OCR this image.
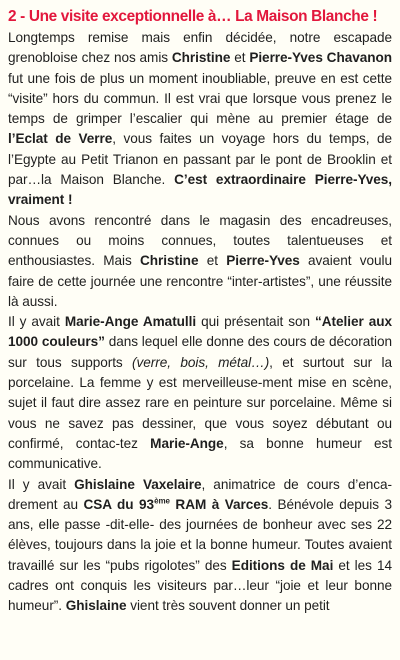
2 - Une visite exceptionnelle à… La Maison Blanche !

Longtemps remise mais enfin décidée, notre escapade grenobloise chez nos amis Christine et Pierre-Yves Chavanon fut une fois de plus un moment inoubliable, preuve en est cette “visite” hors du commun. Il est vrai que lorsque vous prenez le temps de grimper l’escalier qui mène au premier étage de l’Eclat de Verre, vous faites un voyage hors du temps, de l’Egypte au Petit Trianon en passant par le pont de Brooklin et par…la Maison Blanche. C’est extraordinaire Pierre-Yves, vraiment !

Nous avons rencontré dans le magasin des encadreuses, connues ou moins connues, toutes talentueuses et enthousiastes. Mais Christine et Pierre-Yves avaient voulu faire de cette journée une rencontre “inter-artistes”, une réussite là aussi.

Il y avait Marie-Ange Amatulli qui présentait son “Atelier aux 1000 couleurs” dans lequel elle donne des cours de décoration sur tous supports (verre, bois, métal…), et surtout sur la porcelaine. La femme y est merveilleuse-ment mise en scène, sujet il faut dire assez rare en peinture sur porcelaine. Même si vous ne savez pas dessiner, que vous soyez débutant ou confirmé, contac-tez Marie-Ange, sa bonne humeur est communicative.

Il y avait Ghislaine Vaxelaire, animatrice de cours d’enca-drement au CSA du 93ème RAM à Varces. Bénévole depuis 3 ans, elle passe -dit-elle- des journées de bonheur avec ses 22 élèves, toujours dans la joie et la bonne humeur. Toutes avaient travaillé sur les “pubs rigolotes” des Editions de Mai et les 14 cadres ont conquis les visiteurs par…leur “joie et leur bonne humeur”. Ghislaine vient très souvent donner un petit
